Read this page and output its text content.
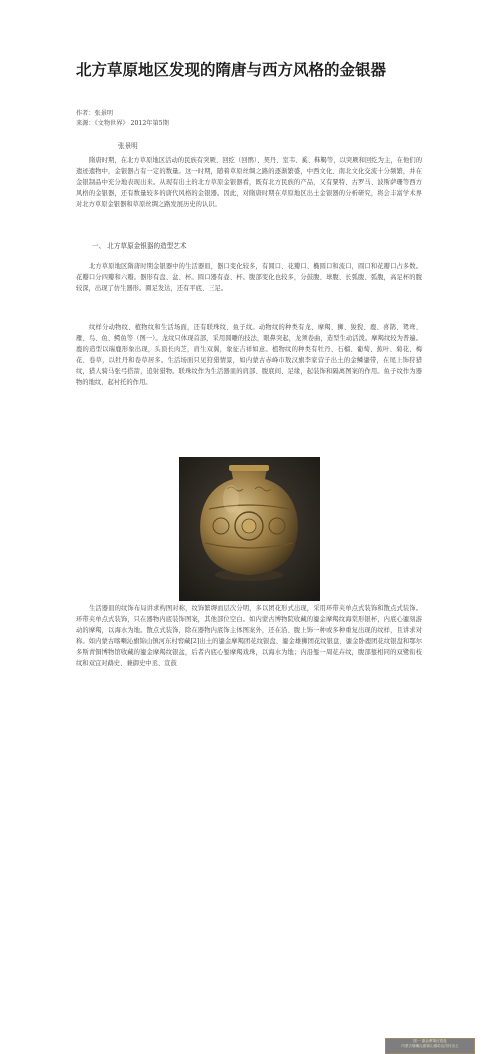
北方草原地区发现的隋唐与西方风格的金银器
作者：张景明
来源：《文物世界》 2012年第5期
张景明

隋唐时期，在北方草原地区活动的民族有突厥、回纥（回鹘）、契丹、室韦、奚、靺鞨等，以突厥和回纥为主，在他们的遗迹遗物中，金银器占有一定的数量。这一时期，随着草原丝绸之路的逐渐繁盛，中西文化、南北文化交流十分频繁，并在金银制品中充分地表现出来。从现有出土的北方草原金银器看，既有北方民族的产品，又有粟特、古罗马、波斯萨珊等西方风格的金银器，还有数量较多的唐代风格的金银器。因此，对隋唐时期在草原地区出土金银器的分析研究，将会丰富学术界对北方草原金银器和草原丝绸之路发展历史的认识。

一、 北方草原金银器的造型艺术

北方草原地区隋唐时期金银器中的生活器皿，器口变化较多，有圆口、花瓣口、椭圆口和流口，圆口和花瓣口占多数。花瓣口分四瓣和六瓣。器形有盘、盆、杯。圆口器有壶、杯。腹部变化也较多，分鼓腹、球腹、长弧腹、弧腹，高足杯的腹较深，出现了仿生器形。圈足发达，还有平底、三足。

纹样分动物纹、植物纹和生活场面，还有联珠纹、鱼子纹。动物纹的种类有龙、摩羯、狮、狻猊、鹿、喜鹊、鸳鸯、雁、鸟、鱼、鳄鱼等（图一）。龙纹只体现首部，采用圆雕的技法，眼鼻突起，龙须卷曲，造型生动活泼。摩羯纹较为普遍。鹿的造型以瑞鹿形象出现，头顶长肉芝，肩生双翼，象征吉祥如意。植物纹的种类有牡丹、石榴、葡萄、蕉叶、菊花、梅花、卷草，以牡丹和卷草居多。生活场面只见狩猎情景，如内蒙古赤峰市敖汉旗李家营子出土的金鳞鎏带，在尾上饰狩猎纹，猎人骑马张弓搭箭，追射猎物。联珠纹作为生活器皿的肩部、腹底间、足缘，起装饰和隔离图案的作用。鱼子纹作为器物的地纹，起衬托的作用。

图一 鎏金摩羯纹银盘

内蒙古喀喇沁旗锦山镇哈达沟村出土

生活器皿的纹饰布局讲求构图对称，纹饰繁缛而层次分明，多以团花形式出现，采用环带夹单点式装饰和散点式装饰。环带夹单点式装饰，只在器物内底装饰图案，其他部位空白。如内蒙古博物院收藏的鎏金摩羯纹海棠形银杯，内底心鎏刻游动的摩羯，以海水为地。散点式装饰，除在器物内底饰主体图案外，还在沿、腹上饰一种或多种重复出现的纹样，且讲求对称。如内蒙古喀喇沁旗锦山镇河东村窖藏[2]出土的鎏金摩羯团花纹银盘、鎏金雄狮团花纹银盘、鎏金卧鹿团花纹银盘和鄂尔多斯青铜博物馆收藏的鎏金摩羯纹银盆，后者内底心錾摩羯戏珠，以海水为地；内沿錾一周花卉纹，腹部錾相同的双鹭衔枝纹和双宜对鹉史、兼御史中丞、宣鼓
